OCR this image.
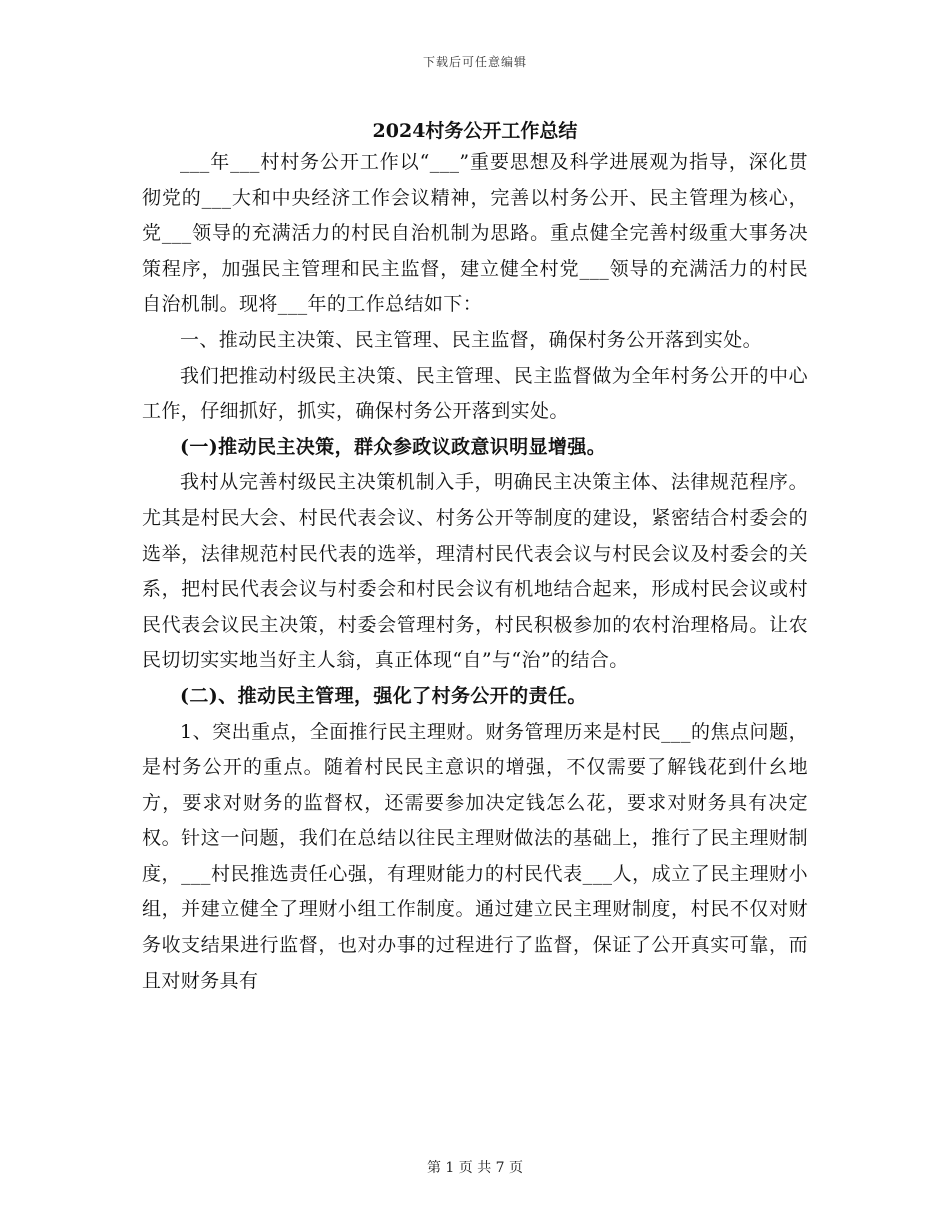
下载后可任意编辑
2024村务公开工作总结

___年___村村务公开工作以“___”重要思想及科学进展观为指导，深化贯彻党的___大和中央经济工作会议精神，完善以村务公开、民主管理为核心，党___领导的充满活力的村民自治机制为思路。重点健全完善村级重大事务决策程序，加强民主管理和民主监督，建立健全村党___领导的充满活力的村民自治机制。现将___年的工作总结如下：

一、推动民主决策、民主管理、民主监督，确保村务公开落到实处。

我们把推动村级民主决策、民主管理、民主监督做为全年村务公开的中心工作，仔细抓好，抓实，确保村务公开落到实处。

(一)推动民主决策，群众参政议政意识明显增强。

我村从完善村级民主决策机制入手，明确民主决策主体、法律规范程序。尤其是村民大会、村民代表会议、村务公开等制度的建设，紧密结合村委会的选举，法律规范村民代表的选举，理清村民代表会议与村民会议及村委会的关系，把村民代表会议与村委会和村民会议有机地结合起来，形成村民会议或村民代表会议民主决策，村委会管理村务，村民积极参加的农村治理格局。让农民切切实实地当好主人翁，真正体现“自”与“治”的结合。

(二)、推动民主管理，强化了村务公开的责任。

1、突出重点，全面推行民主理财。财务管理历来是村民___的焦点问题，是村务公开的重点。随着村民民主意识的增强，不仅需要了解钱花到什幺地方，要求对财务的监督权，还需要参加决定钱怎么花，要求对财务具有决定权。针这一问题，我们在总结以往民主理财做法的基础上，推行了民主理财制度，___村民推选责任心强，有理财能力的村民代表___人，成立了民主理财小组，并建立健全了理财小组工作制度。通过建立民主理财制度，村民不仅对财务收支结果进行监督，也对办事的过程进行了监督，保证了公开真实可靠，而且对财务具有

第 1 页 共 7 页
